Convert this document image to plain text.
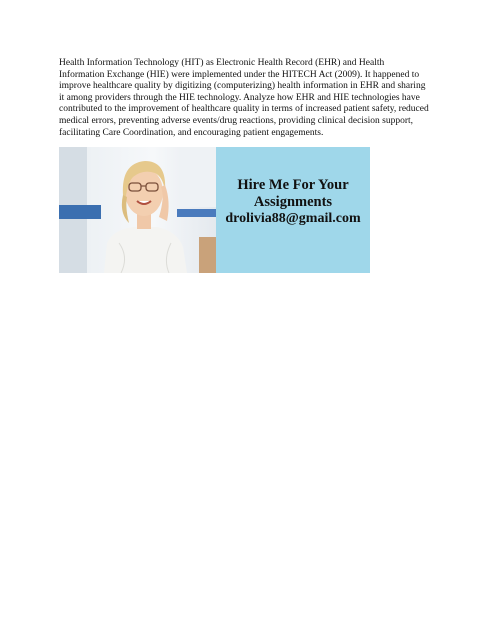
Health Information Technology (HIT) as Electronic Health Record (EHR) and Health
Information Exchange (HIE) were implemented under the HITECH Act (2009). It happened to
improve healthcare quality by digitizing (computerizing) health information in EHR and sharing
it among providers through the HIE technology. Analyze how EHR and HIE technologies have
contributed to the improvement of healthcare quality in terms of increased patient safety, reduced
medical errors, preventing adverse events/drug reactions, providing clinical decision support,
facilitating Care Coordination, and encouraging patient engagements.
Hire Me For Your
Assignments
drolivia88@gmail.com
